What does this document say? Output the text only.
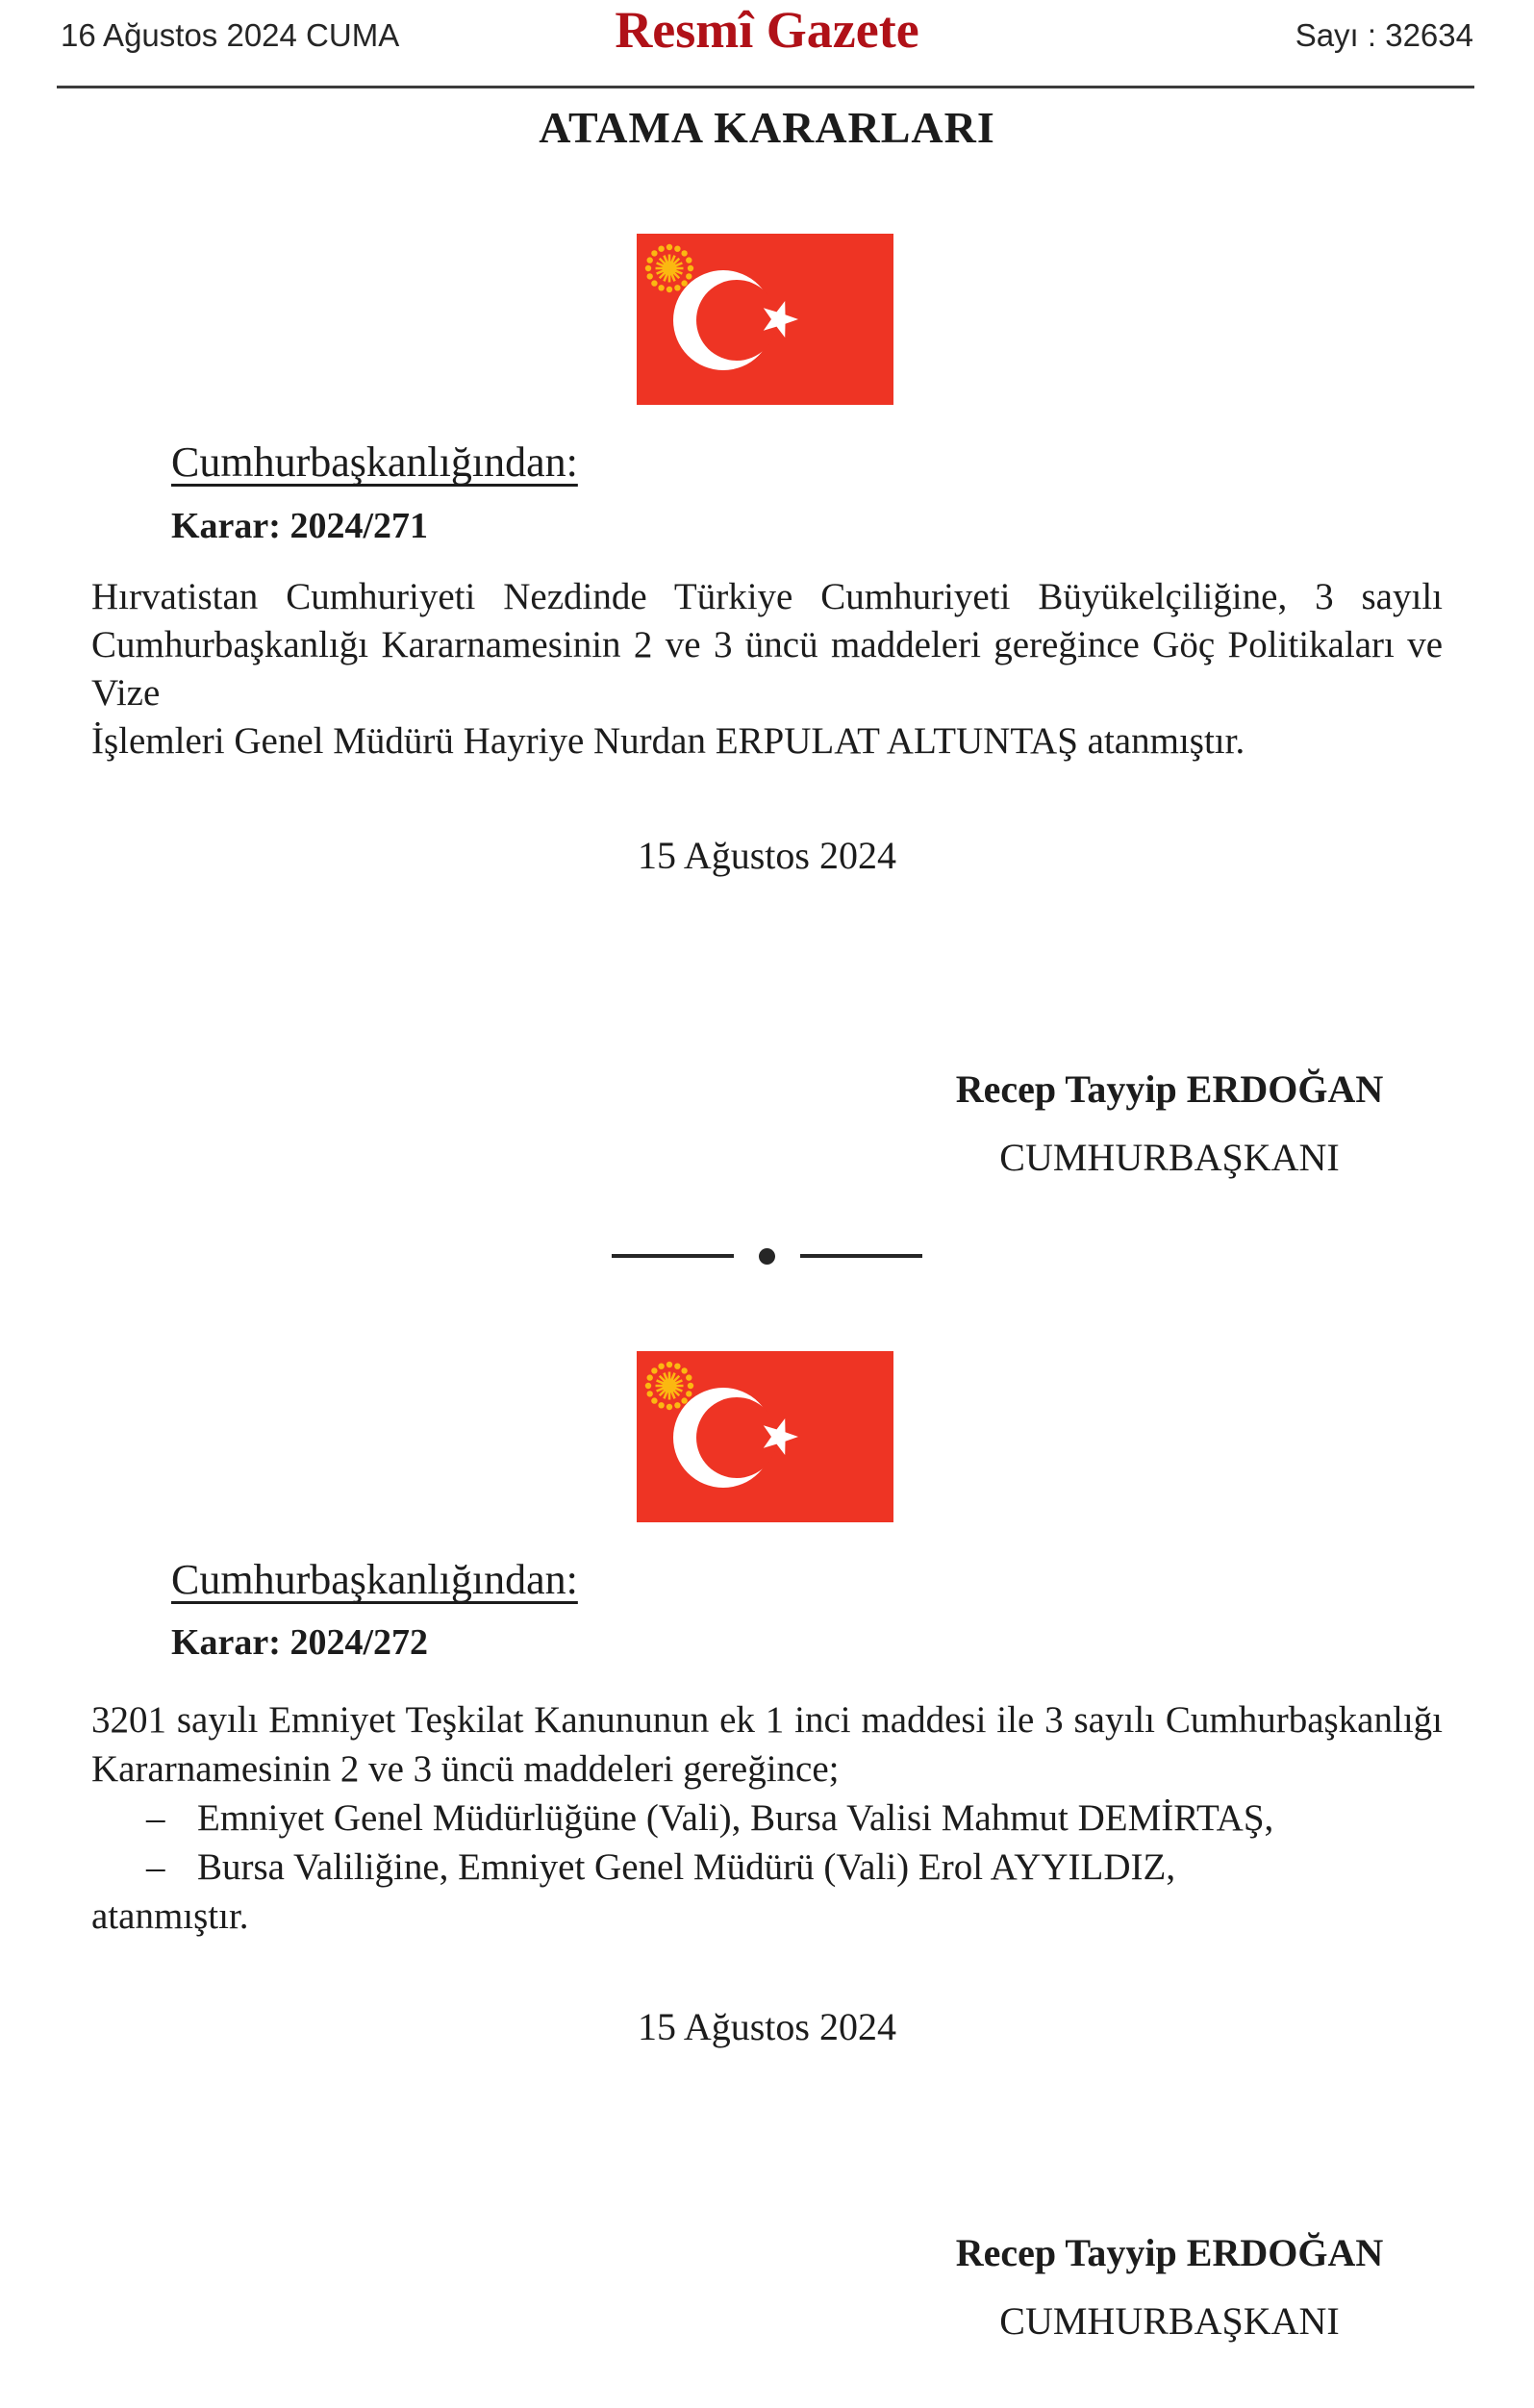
16 Ağustos 2024 CUMA	Resmî Gazete	Sayı : 32634
ATAMA KARARLARI
Cumhurbaşkanlığından:
Karar: 2024/271
Hırvatistan Cumhuriyeti Nezdinde Türkiye Cumhuriyeti Büyükelçiliğine, 3 sayılı
Cumhurbaşkanlığı Kararnamesinin 2 ve 3 üncü maddeleri gereğince Göç Politikaları ve Vize
İşlemleri Genel Müdürü Hayriye Nurdan ERPULAT ALTUNTAŞ atanmıştır.
15 Ağustos 2024
Recep Tayyip ERDOĞAN
CUMHURBAŞKANI
Cumhurbaşkanlığından:
Karar: 2024/272
3201 sayılı Emniyet Teşkilat Kanununun ek 1 inci maddesi ile 3 sayılı Cumhurbaşkanlığı
Kararnamesinin 2 ve 3 üncü maddeleri gereğince;
– Emniyet Genel Müdürlüğüne (Vali), Bursa Valisi Mahmut DEMİRTAŞ,
– Bursa Valiliğine, Emniyet Genel Müdürü (Vali) Erol AYYILDIZ,
atanmıştır.
15 Ağustos 2024
Recep Tayyip ERDOĞAN
CUMHURBAŞKANI
